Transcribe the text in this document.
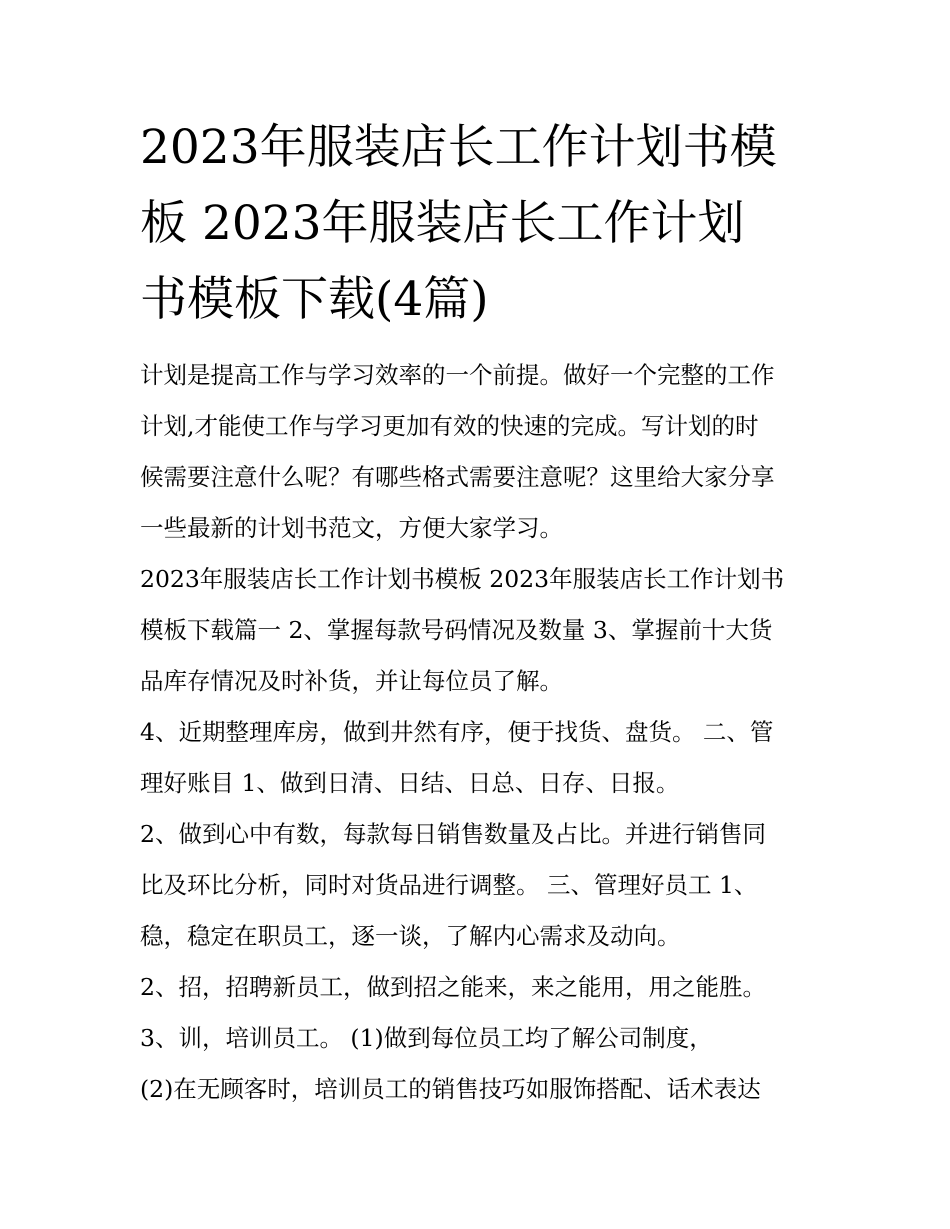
2023年服装店长工作计划书模
板 2023年服装店长工作计划
书模板下载(4篇)
计划是提高工作与学习效率的一个前提。做好一个完整的工作
计划,才能使工作与学习更加有效的快速的完成。写计划的时
候需要注意什么呢？有哪些格式需要注意呢？这里给大家分享
一些最新的计划书范文，方便大家学习。
2023年服装店长工作计划书模板 2023年服装店长工作计划书
模板下载篇一 2、掌握每款号码情况及数量 3、掌握前十大货
品库存情况及时补货，并让每位员了解。
4、近期整理库房，做到井然有序，便于找货、盘货。 二、管
理好账目 1、做到日清、日结、日总、日存、日报。
2、做到心中有数，每款每日销售数量及占比。并进行销售同
比及环比分析，同时对货品进行调整。 三、管理好员工 1、
稳，稳定在职员工，逐一谈，了解内心需求及动向。
2、招，招聘新员工，做到招之能来，来之能用，用之能胜。
3、训，培训员工。 (1)做到每位员工均了解公司制度，
(2)在无顾客时，培训员工的销售技巧如服饰搭配、话术表达
